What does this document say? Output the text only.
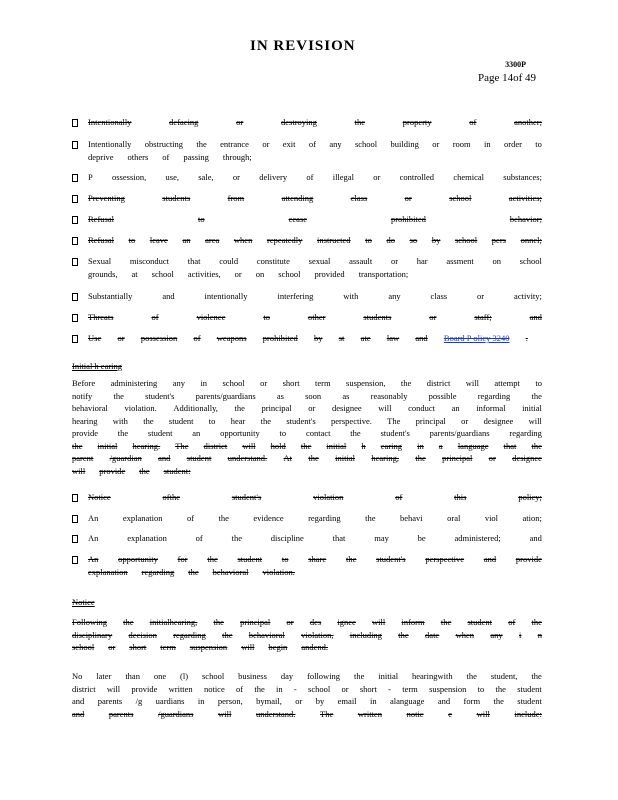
IN REVISION
3300P
Page 14of 49
Intentionally	defacing	or	destroying	the	property	of	another;
Intentionally obstructing the entrance or exit of any school building or room in order to
deprive others of passing through;
P ossession, use, sale, or delivery of illegal or controlled chemical substances;
Preventing	students	from	attending	class	or	school	activities;
Refusal	to	cease	prohibited	behavior;
Refusal to leave an area when repeatedly instructed to do so by school pers onnel;
Sexual misconduct that could constitute sexual assault or har assment on school
grounds, at school activities, or on school provided transportation;
Substantially	and	intentionally	interfering	with	any	class	or	activity;
Threats	of	violence	to	other	students	or	staff;	and
Use or possession of weapons prohibited by st ate law and Board P olicy 3240 .
Initial h earing
Before administering any in school or short term suspension, the district will attempt to
notify the student's parents/guardians as soon as reasonably possible regarding the
behavioral violation. Additionally, the principal or designee will conduct an informal initial
hearing with the student to hear the student's perspective. The principal or designee will
provide the student an opportunity to contact the student's parents/guardians regarding
the initial hearing. The district will hold the initial h earing in a language that the
parent /guardian and student understand. At the initial hearing, the principal or designee
will provide the student:
Notice	ofthe	student's	violation	of	this	policy;
An	explanation	of	the	evidence	regarding	the	behavi	oral	viol	ation;
An	explanation	of	the	discipline	that	may	be	administered;	and
An opportunity for the student to share the student's perspective and provide
explanation regarding the behavioral violation.
Notice
Following the initialhearing, the principal or des ignee will inform the student of the
disciplinary decision regarding the behavioral violation, including the date when any i n
school or short term suspension will begin andend.
No later than one (l) school business day following the initial hearingwith the student, the
district will provide written notice of the in - school or short - term suspension to the student
and parents /g uardians in person, bymail, or by email in alanguage and form the student
and	parents	/guardians	will	understand.	The	written	notic	e	will	include:
